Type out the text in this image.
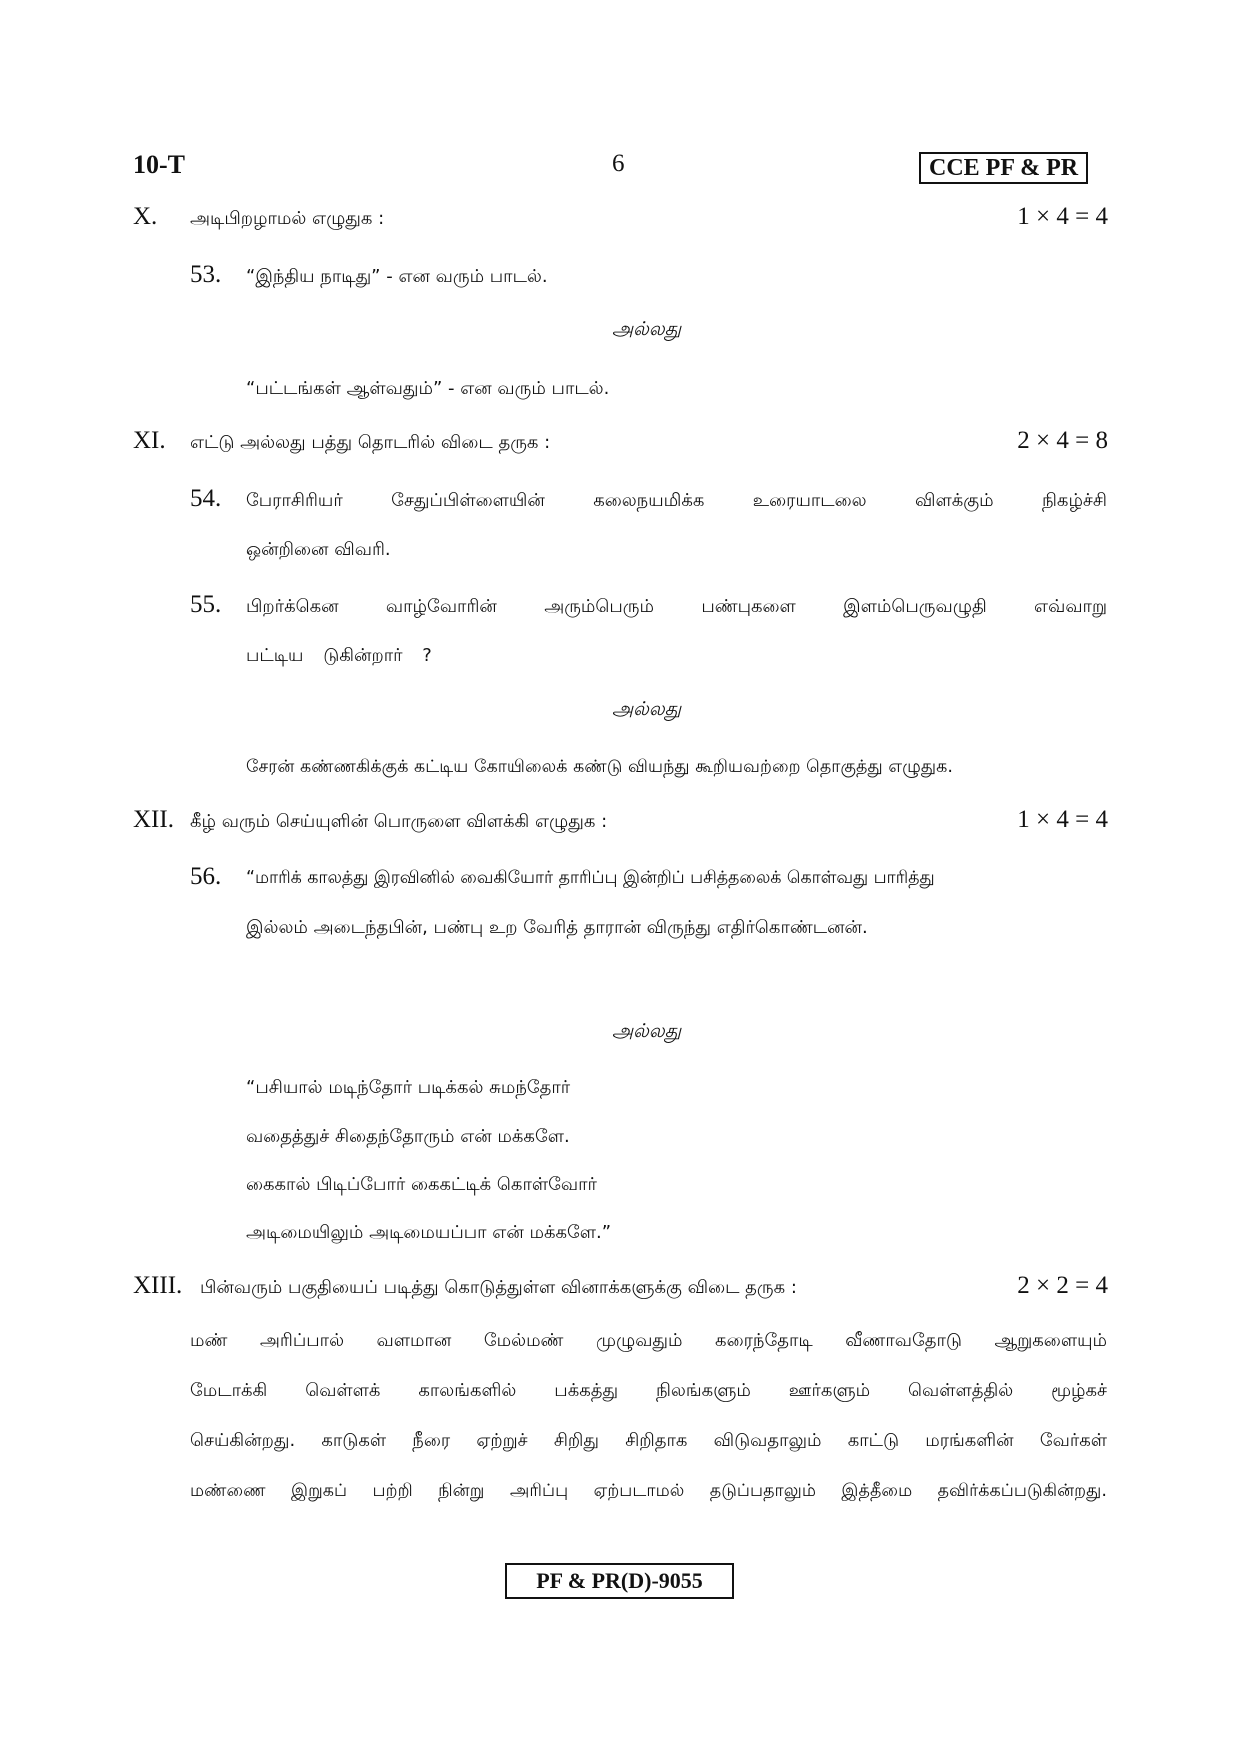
10-T	6	CCE PF & PR
X. அடிபிறழாமல் எழுதுக :	1 × 4 = 4
53. “இந்திய நாடிது” - என வரும் பாடல்.
அல்லது
“பட்டங்கள் ஆள்வதும்” - என வரும் பாடல்.
XI. எட்டு அல்லது பத்து தொடரில் விடை தருக :	2 × 4 = 8
54. பேராசிரியர் சேதுப்பிள்ளையின் கலைநயமிக்க உரையாடலை விளக்கும் நிகழ்ச்சி
ஒன்றினை விவரி.
55. பிறர்க்கென வாழ்வோரின் அரும்பெரும் பண்புகளை இளம்பெருவழுதி எவ்வாறு
பட்டிய டுகின்றார் ?
அல்லது
சேரன் கண்ணகிக்குக் கட்டிய கோயிலைக் கண்டு வியந்து கூறியவற்றை தொகுத்து எழுதுக.
XII. கீழ் வரும் செய்யுளின் பொருளை விளக்கி எழுதுக :	1 × 4 = 4
56. “மாரிக் காலத்து இரவினில் வைகியோர் தாரிப்பு இன்றிப் பசித்தலைக் கொள்வது பாரித்து
இல்லம் அடைந்தபின், பண்பு உற வேரித் தாரான் விருந்து எதிர்கொண்டனன்.
அல்லது
“பசியால் மடிந்தோர் படிக்கல் சுமந்தோர்
வதைத்துச் சிதைந்தோரும் என் மக்களே.
கைகால் பிடிப்போர் கைகட்டிக் கொள்வோர்
அடிமையிலும் அடிமையப்பா என் மக்களே.”
XIII. பின்வரும் பகுதியைப் படித்து கொடுத்துள்ள வினாக்களுக்கு விடை தருக :	2 × 2 = 4
மண் அரிப்பால் வளமான மேல்மண் முழுவதும் கரைந்தோடி வீணாவதோடு ஆறுகளையும்
மேடாக்கி வெள்ளக் காலங்களில் பக்கத்து நிலங்களும் ஊர்களும் வெள்ளத்தில் மூழ்கச்
செய்கின்றது. காடுகள் நீரை ஏற்றுச் சிறிது சிறிதாக விடுவதாலும் காட்டு மரங்களின் வேர்கள்
மண்ணை இறுகப் பற்றி நின்று அரிப்பு ஏற்படாமல் தடுப்பதாலும் இத்தீமை தவிர்க்கப்படுகின்றது.
PF & PR(D)-9055
